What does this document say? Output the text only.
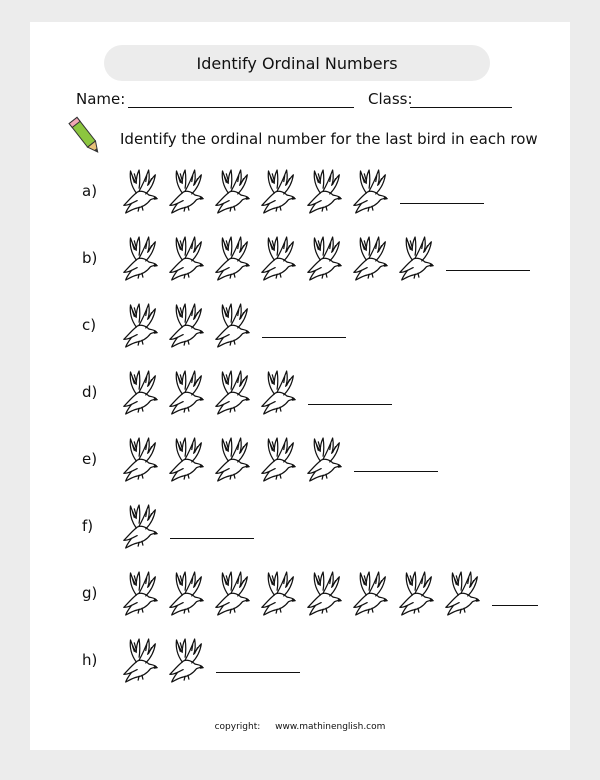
Identify Ordinal Numbers
Name:	Class:
Identify the ordinal number for the last bird in each row
a)
b)
c)
d)
e)
f)
g)
h)
copyright: www.mathinenglish.com
